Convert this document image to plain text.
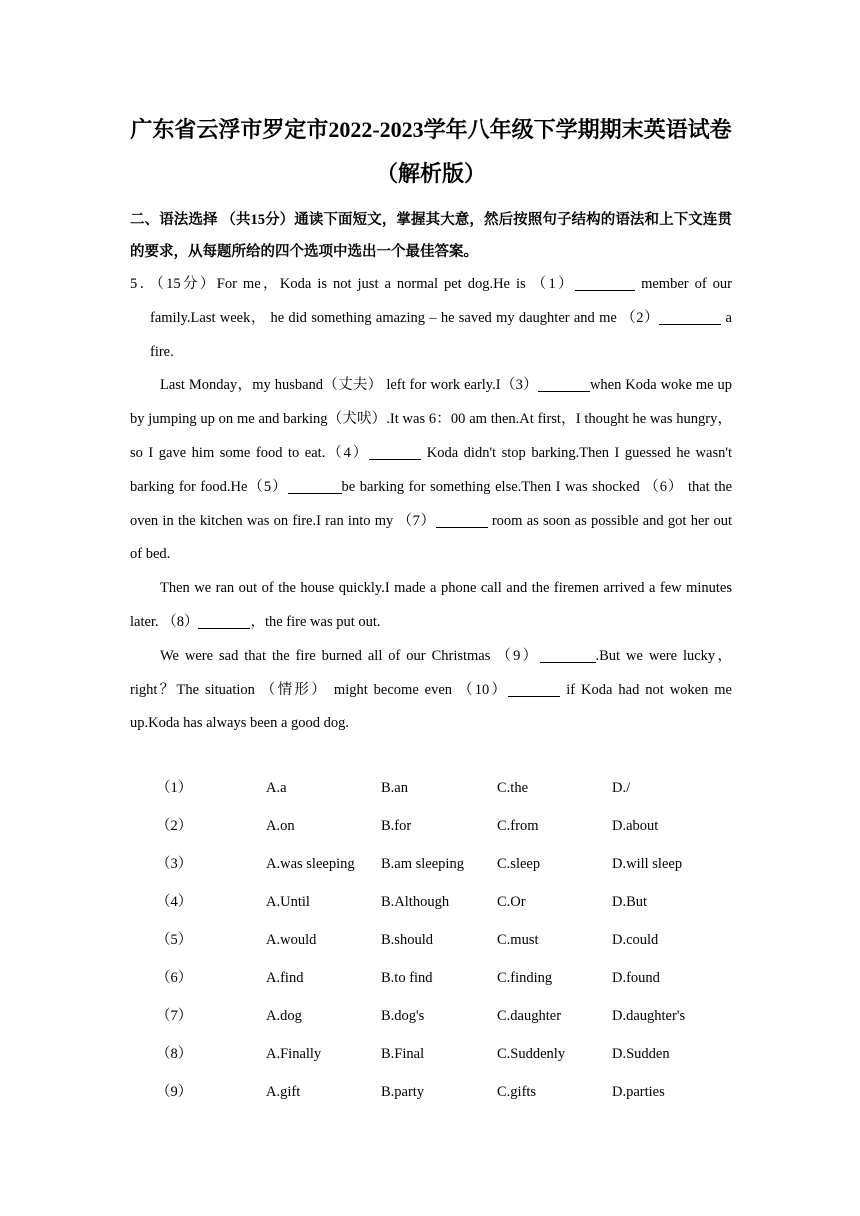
广东省云浮市罗定市2022-2023学年八年级下学期期末英语试卷
（解析版）
二、语法选择 （共15分）通读下面短文，掌握其大意，然后按照句子结构的语法和上下文连贯的要求，从每题所给的四个选项中选出一个最佳答案。

5．（15分）For me，Koda is not just a normal pet dog.He is （1）	member of our family.Last week， he did something amazing – he saved my daughter and me （2）	a fire.

Last Monday，my husband（丈夫） left for work early.I（3）	when Koda woke me up by jumping up on me and barking（犬吠）.It was 6：00 am then.At first，I thought he was hungry，so I gave him some food to eat.（4）	Koda didn't stop barking.Then I guessed he wasn't barking for food.He（5）	be barking for something else.Then I was shocked （6） that the oven in the kitchen was on fire.I ran into my （7）	room as soon as possible and got her out of bed.

Then we ran out of the house quickly.I made a phone call and the firemen arrived a few minutes later. （8）	，the fire was put out.

We were sad that the fire burned all of our Christmas （9）	.But we were lucky，right？The situation （情形） might become even （10）	if Koda had not woken me up.Koda has always been a good dog.

（1）	A.a	B.an	C.the	D./
（2）	A.on	B.for	C.from	D.about
（3）	A.was sleeping B.am sleeping C.sleep	D.will sleep
（4）	A.Until	B.Although	C.Or	D.But
（5）	A.would	B.should	C.must	D.could
（6）	A.find	B.to find	C.finding	D.found
（7）	A.dog	B.dog's	C.daughter	D.daughter's
（8）	A.Finally	B.Final	C.Suddenly	D.Sudden
（9）	A.gift	B.party	C.gifts	D.parties
